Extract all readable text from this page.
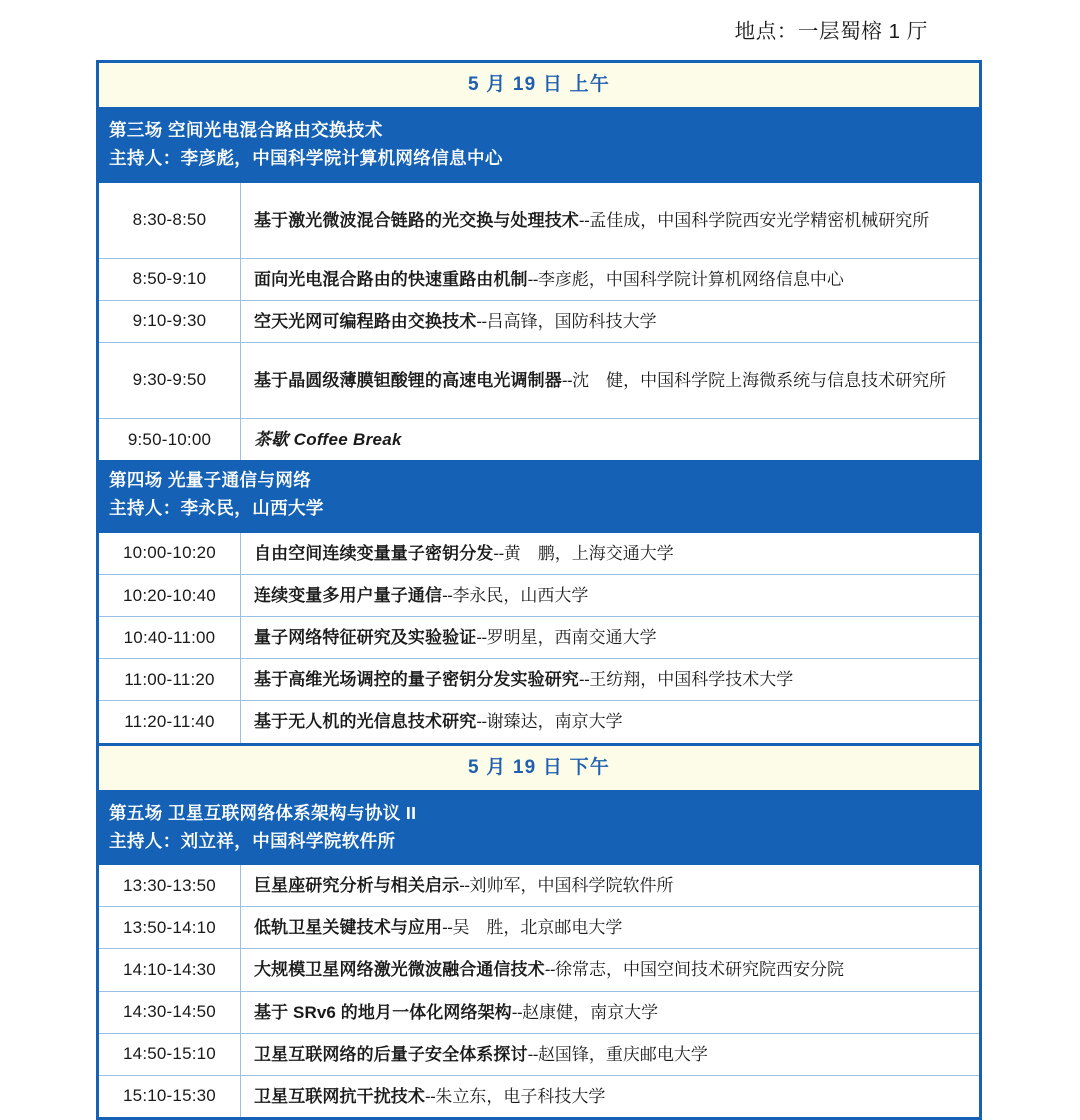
地点：一层蜀榕 1 厅
5 月 19 日 上午
第三场 空间光电混合路由交换技术
主持人：李彦彪，中国科学院计算机网络信息中心
8:30-8:50	基于激光微波混合链路的光交换与处理技术--孟佳成，中国科学院西安光学精密机械研究所
8:50-9:10	面向光电混合路由的快速重路由机制--李彦彪，中国科学院计算机网络信息中心
9:10-9:30	空天光网可编程路由交换技术--吕高锋，国防科技大学
9:30-9:50	基于晶圆级薄膜钽酸锂的高速电光调制器--沈　健，中国科学院上海微系统与信息技术研究所
9:50-10:00	茶歇 Coffee Break
第四场 光量子通信与网络
主持人：李永民，山西大学
10:00-10:20	自由空间连续变量量子密钥分发--黄　鹏，上海交通大学
10:20-10:40	连续变量多用户量子通信--李永民，山西大学
10:40-11:00	量子网络特征研究及实验验证--罗明星，西南交通大学
11:00-11:20	基于高维光场调控的量子密钥分发实验研究--王纺翔，中国科学技术大学
11:20-11:40	基于无人机的光信息技术研究--谢臻达，南京大学
5 月 19 日 下午
第五场 卫星互联网络体系架构与协议 II
主持人：刘立祥，中国科学院软件所
13:30-13:50	巨星座研究分析与相关启示--刘帅军，中国科学院软件所
13:50-14:10	低轨卫星关键技术与应用--吴　胜，北京邮电大学
14:10-14:30	大规模卫星网络激光微波融合通信技术--徐常志，中国空间技术研究院西安分院
14:30-14:50	基于 SRv6 的地月一体化网络架构--赵康健，南京大学
14:50-15:10	卫星互联网络的后量子安全体系探讨--赵国锋，重庆邮电大学
15:10-15:30	卫星互联网抗干扰技术--朱立东，电子科技大学
